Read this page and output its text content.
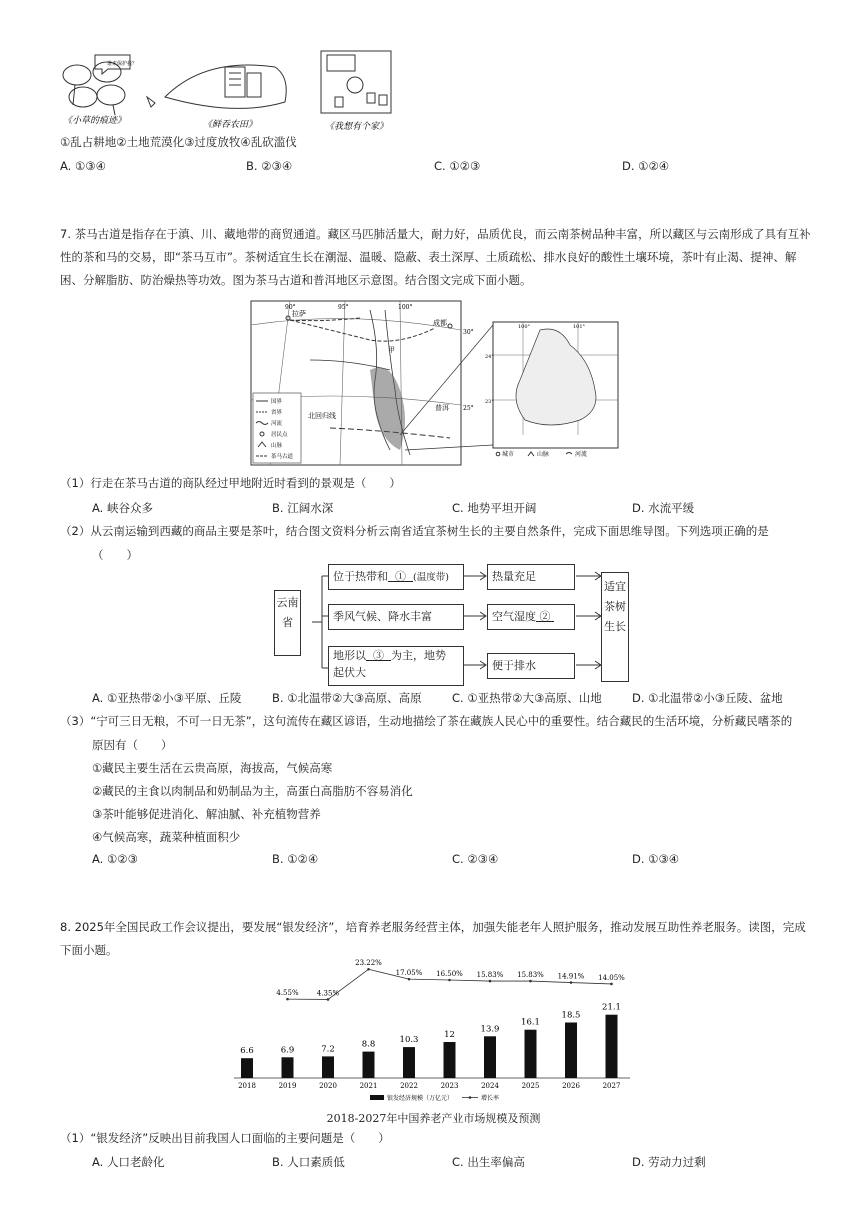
谁来保护我？
《小草的痕迹》	《鲜吞农田》	《我想有个家》
①乱占耕地②土地荒漠化③过度放牧④乱砍滥伐
A. ①③④	B. ②③④	C. ①②③	D. ①②④
7. 茶马古道是指存在于滇、川、藏地带的商贸通道。藏区马匹肺活量大，耐力好，品质优良，而云南茶树品种丰富，所以藏区与云南形成了具有互补性的茶和马的交易，即“茶马互市”。茶树适宜生长在潮湿、温暖、隐蔽、表土深厚、土质疏松、排水良好的酸性土壤环境，茶叶有止渴、提神、解困、分解脂肪、防治燥热等功效。图为茶马古道和普洱地区示意图。结合图文完成下面小题。
90°	95°	100°
拉萨
成都
30°
25°
甲
普洱
北回归线
国界
省界
河流
居民点
山脉
茶马古道
100°	101°
24°
23°
城市	山脉	河流
（1）行走在茶马古道的商队经过甲地附近时看到的景观是（　　）
A. 峡谷众多	B. 江阔水深	C. 地势平坦开阔	D. 水流平缓
（2）从云南运输到西藏的商品主要是茶叶，结合图文资料分析云南省适宜茶树生长的主要自然条件，完成下面思维导图。下列选项正确的是
（　　）
云南省
位于热带和 ① (温度带)
季风气候、降水丰富
地形以 ③ 为主，地势
起伏大
热量充足
空气湿度 ②
便于排水
适宜茶树生长
A. ①亚热带②小③平原、丘陵	B. ①北温带②大③高原、高原	C. ①亚热带②大③高原、山地	D. ①北温带②小③丘陵、盆地
（3）“宁可三日无粮，不可一日无茶”，这句流传在藏区谚语，生动地描绘了茶在藏族人民心中的重要性。结合藏民的生活环境，分析藏民嗜茶的
原因有（　　）
①藏民主要生活在云贵高原，海拔高，气候高寒
②藏民的主食以肉制品和奶制品为主，高蛋白高脂肪不容易消化
③茶叶能够促进消化、解油腻、补充植物营养
④气候高寒，蔬菜种植面积少
A. ①②③	B. ①②④	C. ②③④	D. ①③④
8. 2025年全国民政工作会议提出，要发展“银发经济”，培育养老服务经营主体，加强失能老年人照护服务，推动发展互助性养老服务。读图，完成下面小题。
6.6
2018
6.9
2019
7.2
2020
8.8
2021
10.3
2022
12
2023
13.9
2024
16.1
2025
18.5
2026
21.1
2027
4.55%	4.35%
23.22%
17.05% 16.50% 15.83% 15.83% 14.91% 14.05%
银发经济规模（万亿元）	增长率
2018-2027年中国养老产业市场规模及预测
（1）“银发经济”反映出目前我国人口面临的主要问题是（　　）
A. 人口老龄化	B. 人口素质低	C. 出生率偏高	D. 劳动力过剩
